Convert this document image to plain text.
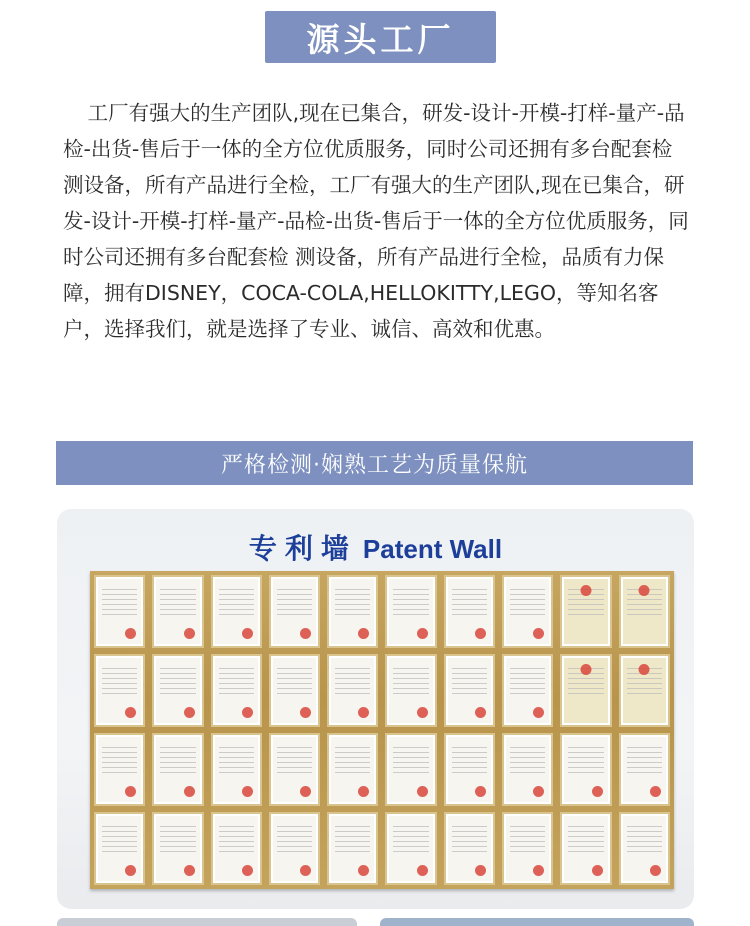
源头工厂

工厂有强大的生产团队,现在已集合，研发-设计-开模-打样-量产-品检-出货-售后于一体的全方位优质服务，同时公司还拥有多台配套检 测设备，所有产品进行全检，工厂有强大的生产团队,现在已集合，研发-设计-开模-打样-量产-品检-出货-售后于一体的全方位优质服务，同时公司还拥有多台配套检 测设备，所有产品进行全检，品质有力保障，拥有DISNEY，COCA-COLA,HELLOKITTY,LEGO，等知名客户，选择我们，就是选择了专业、诚信、高效和优惠。

严格检测·娴熟工艺为质量保航
专利墙 Patent Wall
